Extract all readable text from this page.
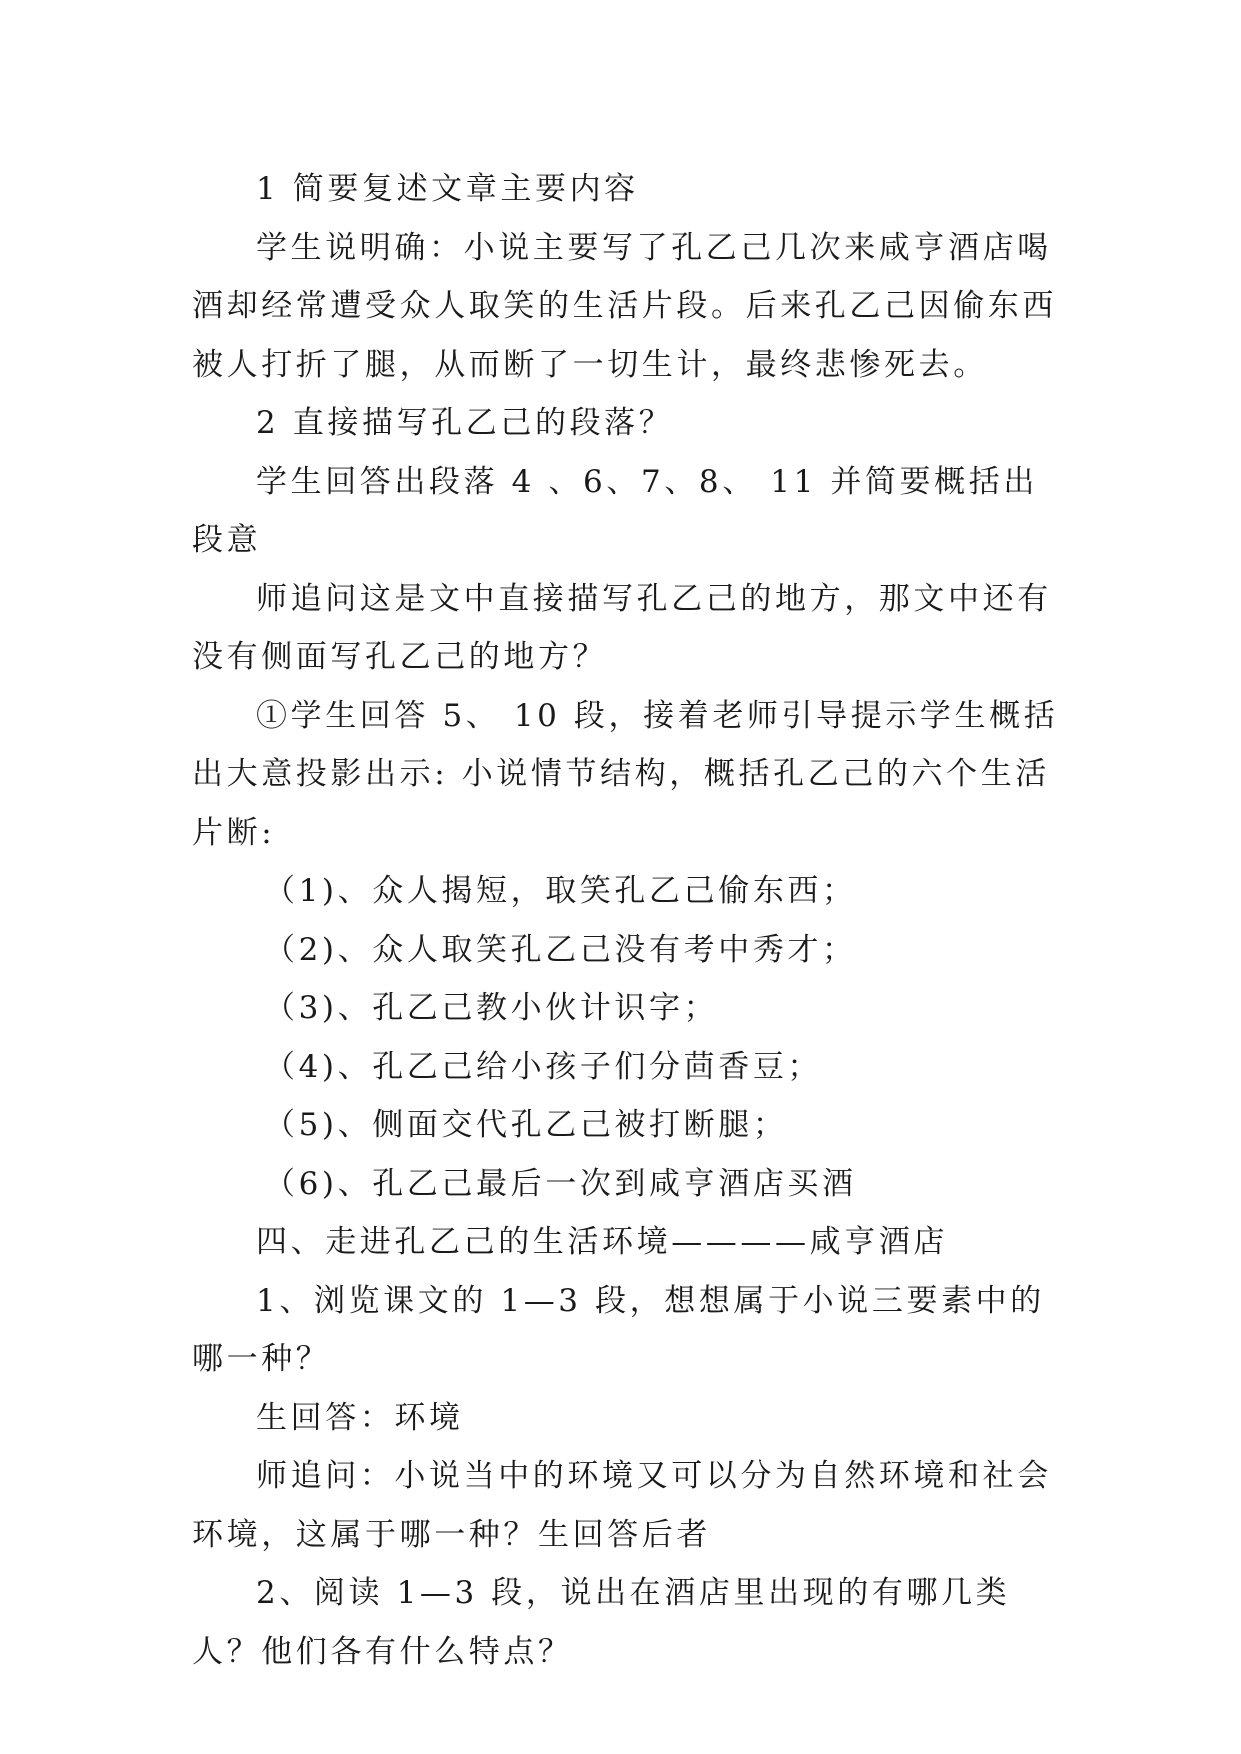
1 简要复述文章主要内容

学生说明确：小说主要写了孔乙己几次来咸亨酒店喝酒却经常遭受众人取笑的生活片段。后来孔乙己因偷东西被人打折了腿，从而断了一切生计，最终悲惨死去。

2 直接描写孔乙己的段落？

学生回答出段落 4 、6、7、8、 11 并简要概括出段意

师追问这是文中直接描写孔乙己的地方，那文中还有没有侧面写孔乙己的地方？

①学生回答 5、 10 段，接着老师引导提示学生概括出大意投影出示: 小说情节结构，概括孔乙己的六个生活片断:

（1)、众人揭短，取笑孔乙己偷东西；

（2)、众人取笑孔乙己没有考中秀才；

（3)、孔乙己教小伙计识字；

（4)、孔乙己给小孩子们分茴香豆；

（5)、侧面交代孔乙己被打断腿；

（6)、孔乙己最后一次到咸亨酒店买酒

四、走进孔乙己的生活环境————咸亨酒店

1、浏览课文的 1—3 段，想想属于小说三要素中的哪一种？

生回答：环境

师追问：小说当中的环境又可以分为自然环境和社会环境，这属于哪一种？生回答后者

2、阅读 1—3 段，说出在酒店里出现的有哪几类人？他们各有什么特点？
